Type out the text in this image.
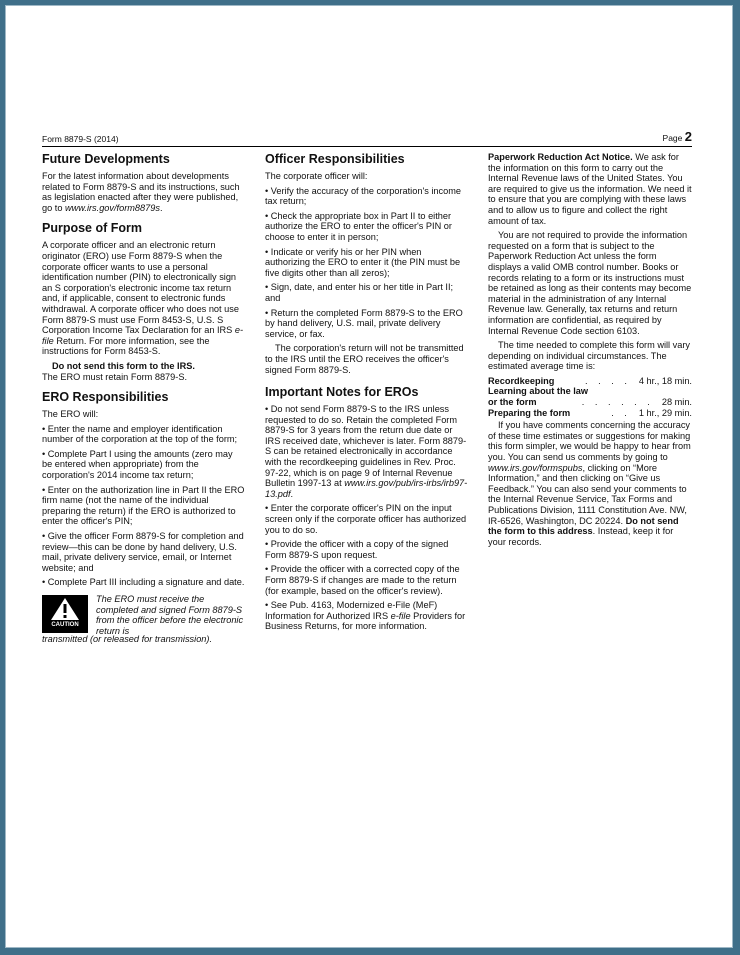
Form 8879-S (2014)	Page 2
Future Developments

For the latest information about developments related to Form 8879-S and its instructions, such as legislation enacted after they were published, go to www.irs.gov/form8879s.

Purpose of Form

A corporate officer and an electronic return originator (ERO) use Form 8879-S when the corporate officer wants to use a personal identification number (PIN) to electronically sign an S corporation's electronic income tax return and, if applicable, consent to electronic funds withdrawal. A corporate officer who does not use Form 8879-S must use Form 8453-S, U.S. S Corporation Income Tax Declaration for an IRS e-file Return. For more information, see the instructions for Form 8453-S.

Do not send this form to the IRS.

The ERO must retain Form 8879-S.

ERO Responsibilities

The ERO will:

• Enter the name and employer identification number of the corporation at the top of the form;

• Complete Part I using the amounts (zero may be entered when appropriate) from the corporation's 2014 income tax return;

• Enter on the authorization line in Part II the ERO firm name (not the name of the individual preparing the return) if the ERO is authorized to enter the officer's PIN;

• Give the officer Form 8879-S for completion and review—this can be done by hand delivery, U.S. mail, private delivery service, email, or Internet website; and

• Complete Part III including a signature and date.

CAUTION

The ERO must receive the completed and signed Form 8879-S from the officer before the electronic return is

transmitted (or released for transmission).

Officer Responsibilities

The corporate officer will:

• Verify the accuracy of the corporation's income tax return;

• Check the appropriate box in Part II to either authorize the ERO to enter the officer's PIN or choose to enter it in person;

• Indicate or verify his or her PIN when authorizing the ERO to enter it (the PIN must be five digits other than all zeros);

• Sign, date, and enter his or her title in Part II; and

• Return the completed Form 8879-S to the ERO by hand delivery, U.S. mail, private delivery service, or fax.

The corporation's return will not be transmitted to the IRS until the ERO receives the officer's signed Form 8879-S.

Important Notes for EROs

• Do not send Form 8879-S to the IRS unless requested to do so. Retain the completed Form 8879-S for 3 years from the return due date or IRS received date, whichever is later. Form 8879-S can be retained electronically in accordance with the recordkeeping guidelines in Rev. Proc. 97-22, which is on page 9 of Internal Revenue Bulletin 1997-13 at www.irs.gov/pub/irs-irbs/irb97-13.pdf.

• Enter the corporate officer's PIN on the input screen only if the corporate officer has authorized you to do so.

• Provide the officer with a copy of the signed Form 8879-S upon request.

• Provide the officer with a corrected copy of the Form 8879-S if changes are made to the return (for example, based on the officer's review).

• See Pub. 4163, Modernized e-File (MeF) Information for Authorized IRS e-file Providers for Business Returns, for more information.

Paperwork Reduction Act Notice. We ask for the information on this form to carry out the Internal Revenue laws of the United States. You are required to give us the information. We need it to ensure that you are complying with these laws and to allow us to figure and collect the right amount of tax.

You are not required to provide the information requested on a form that is subject to the Paperwork Reduction Act unless the form displays a valid OMB control number. Books or records relating to a form or its instructions must be retained as long as their contents may become material in the administration of any Internal Revenue law. Generally, tax returns and return information are confidential, as required by Internal Revenue Code section 6103.

The time needed to complete this form will vary depending on individual circumstances. The estimated average time is:

Recordkeeping	. . . . 4 hr., 18 min.
Learning about the law
or the form	. . . . . . 28 min.
Preparing the form	. . 1 hr., 29 min.

If you have comments concerning the accuracy of these time estimates or suggestions for making this form simpler, we would be happy to hear from you. You can send us comments by going to www.irs.gov/formspubs, clicking on “More Information,” and then clicking on “Give us Feedback.” You can also send your comments to the Internal Revenue Service, Tax Forms and Publications Division, 1111 Constitution Ave. NW, IR-6526, Washington, DC 20224. Do not send the form to this address. Instead, keep it for your records.
